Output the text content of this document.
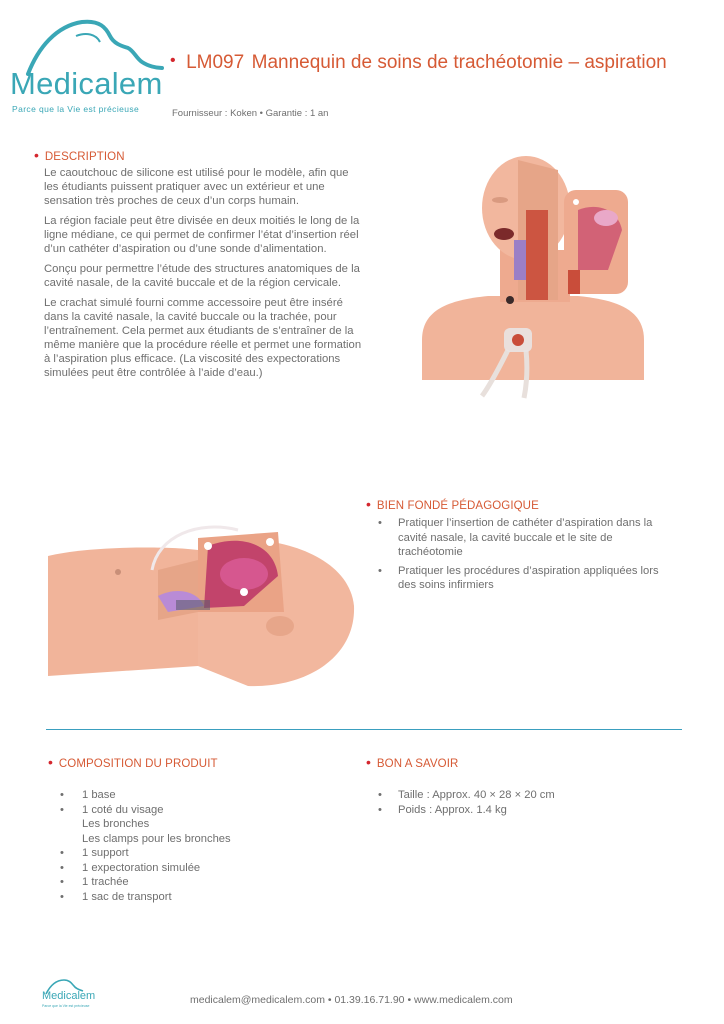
Medicalem
Parce que la Vie est précieuse
• LM097 Mannequin de soins de trachéotomie – aspiration
Fournisseur : Koken • Garantie : 1 an
• DESCRIPTION

Le caoutchouc de silicone est utilisé pour le modèle, afin que les étudiants puissent pratiquer avec un extérieur et une sensation très proches de ceux d’un corps humain.

La région faciale peut être divisée en deux moitiés le long de la ligne médiane, ce qui permet de confirmer l’état d’insertion réel d’un cathéter d’aspiration ou d’une sonde d’alimentation.

Conçu pour permettre l’étude des structures anatomiques de la cavité nasale, de la cavité buccale et de la région cervicale.

Le crachat simulé fourni comme accessoire peut être inséré dans la cavité nasale, la cavité buccale ou la trachée, pour l’entraînement. Cela permet aux étudiants de s’entraîner de la même manière que la procédure réelle et permet une formation à l’aspiration plus efficace. (La viscosité des expectorations simulées peut être contrôlée à l’aide d’eau.)

• BIEN FONDÉ PÉDAGOGIQUE
• Pratiquer l’insertion de cathéter d’aspiration dans la cavité nasale, la cavité buccale et le site de trachéotomie
• Pratiquer les procédures d’aspiration appliquées lors des soins infirmiers
• COMPOSITION DU PRODUIT
• 1 base
• 1 coté du visage
Les bronches
Les clamps pour les bronches
• 1 support
• 1 expectoration simulée
• 1 trachée
• 1 sac de transport
• BON A SAVOIR
• Taille : Approx. 40 × 28 × 20 cm
• Poids : Approx. 1.4 kg
Medicalem
Parce que la Vie est précieuse	medicalem@medicalem.com • 01.39.16.71.90 • www.medicalem.com
